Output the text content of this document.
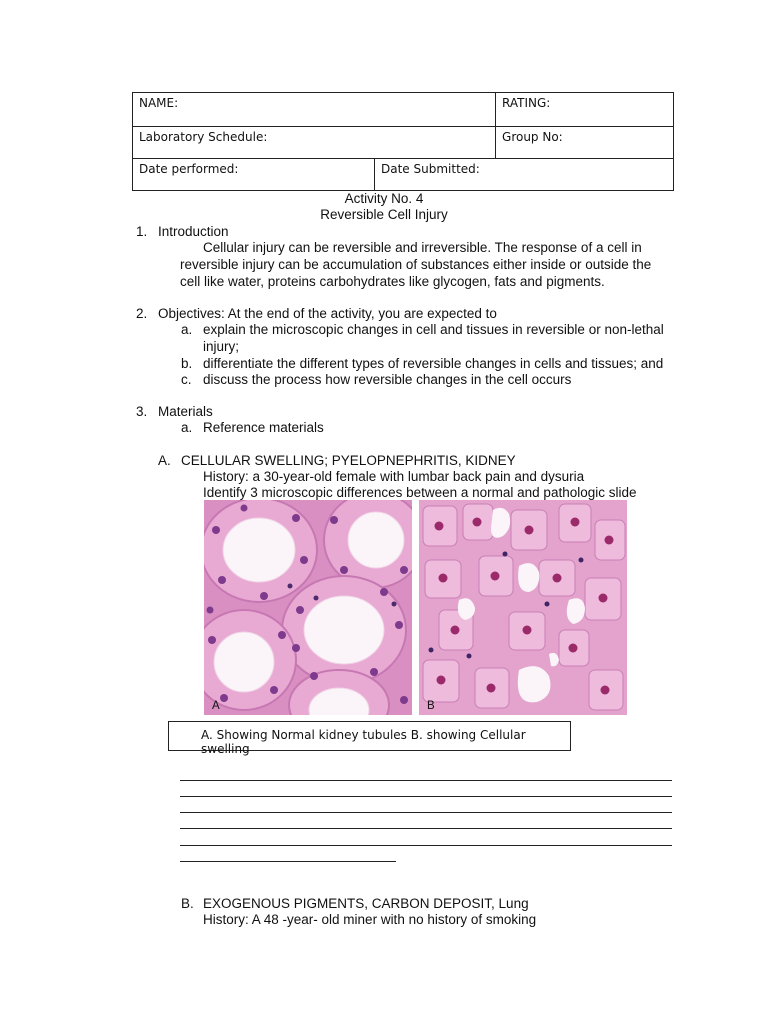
NAME:		RATING:
Laboratory Schedule:		Group No:
Date performed:	Date Submitted:	
Activity No. 4
Reversible Cell Injury
1. Introduction
Cellular injury can be reversible and irreversible. The response of a cell in
reversible injury can be accumulation of substances either inside or outside the
cell like water, proteins carbohydrates like glycogen, fats and pigments.
2. Objectives: At the end of the activity, you are expected to
a. explain the microscopic changes in cell and tissues in reversible or non-lethal
injury;
b. differentiate the different types of reversible changes in cells and tissues; and
c. discuss the process how reversible changes in the cell occurs
3. Materials
a. Reference materials
A. CELLULAR SWELLING; PYELOPNEPHRITIS, KIDNEY
History: a 30-year-old female with lumbar back pain and dysuria
Identify 3 microscopic differences between a normal and pathologic slide
A	B
A. Showing Normal kidney tubules B. showing Cellular swelling
B. EXOGENOUS PIGMENTS, CARBON DEPOSIT, Lung
History: A 48 -year- old miner with no history of smoking
